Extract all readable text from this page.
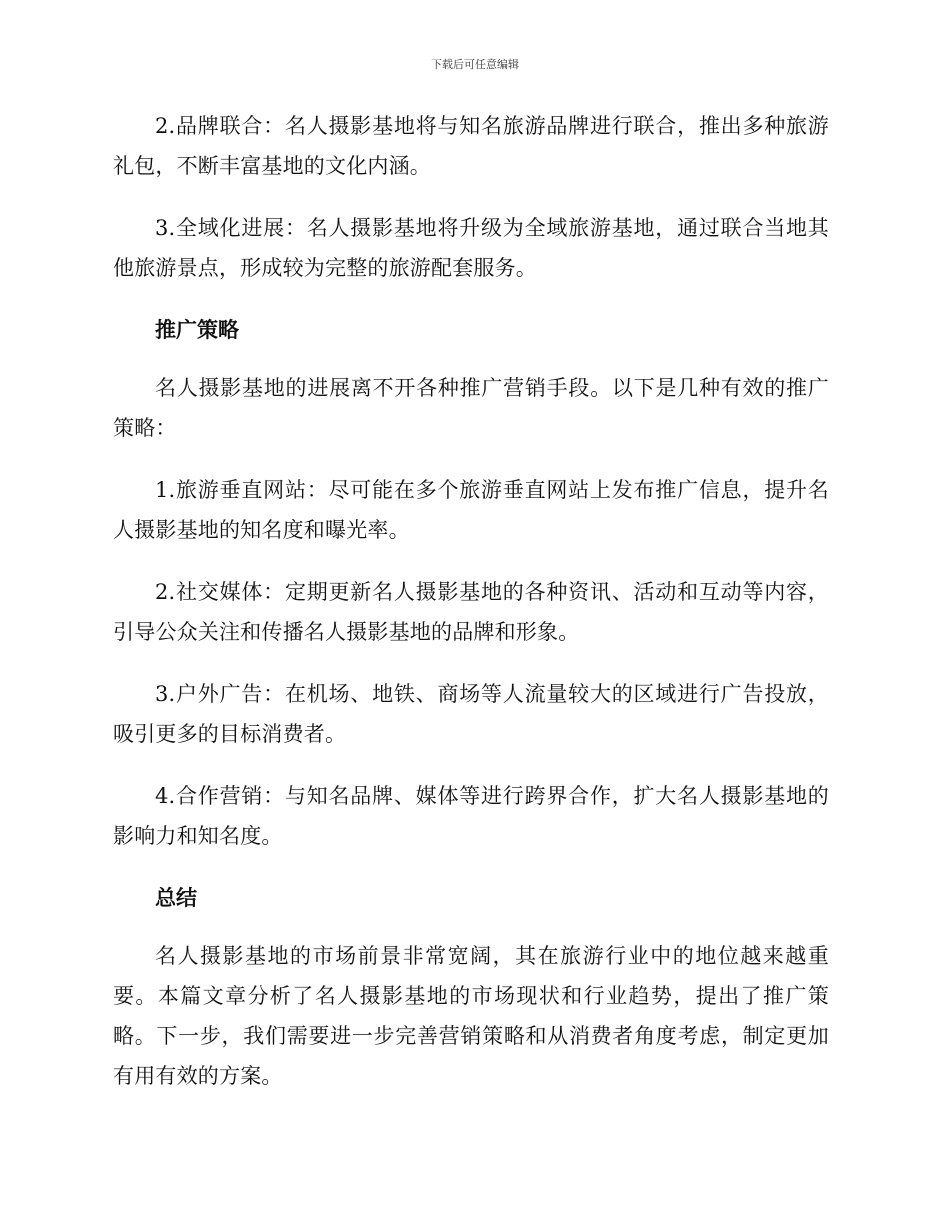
下载后可任意编辑

2.品牌联合：名人摄影基地将与知名旅游品牌进行联合，推出多种旅游礼包，不断丰富基地的文化内涵。

3.全域化进展：名人摄影基地将升级为全域旅游基地，通过联合当地其他旅游景点，形成较为完整的旅游配套服务。

推广策略

名人摄影基地的进展离不开各种推广营销手段。以下是几种有效的推广策略：

1.旅游垂直网站：尽可能在多个旅游垂直网站上发布推广信息，提升名人摄影基地的知名度和曝光率。

2.社交媒体：定期更新名人摄影基地的各种资讯、活动和互动等内容，引导公众关注和传播名人摄影基地的品牌和形象。

3.户外广告：在机场、地铁、商场等人流量较大的区域进行广告投放，吸引更多的目标消费者。

4.合作营销：与知名品牌、媒体等进行跨界合作，扩大名人摄影基地的影响力和知名度。

总结

名人摄影基地的市场前景非常宽阔，其在旅游行业中的地位越来越重要。本篇文章分析了名人摄影基地的市场现状和行业趋势，提出了推广策略。下一步，我们需要进一步完善营销策略和从消费者角度考虑，制定更加有用有效的方案。
